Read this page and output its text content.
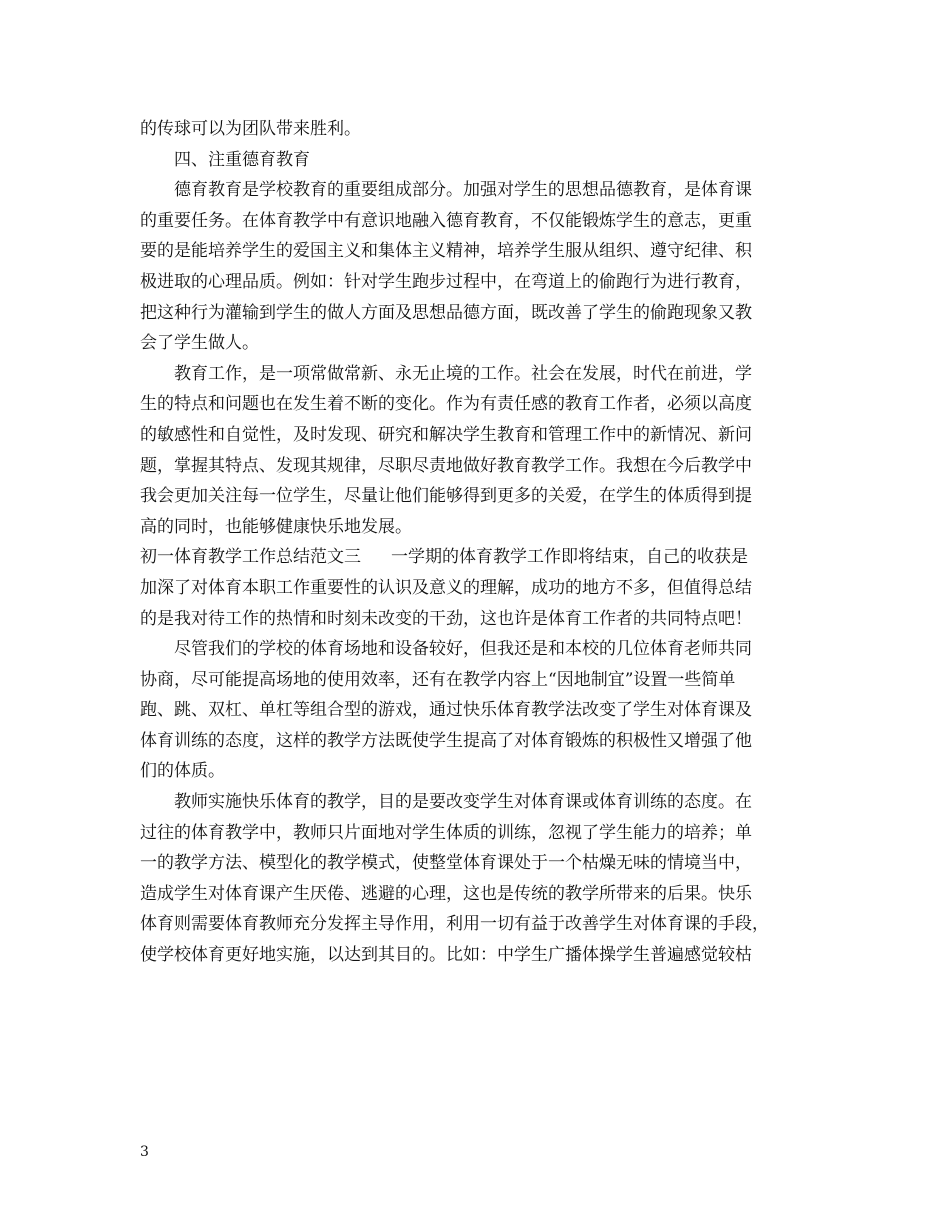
的传球可以为团队带来胜利。
四、注重德育教育
德育教育是学校教育的重要组成部分。加强对学生的思想品德教育，是体育课
的重要任务。在体育教学中有意识地融入德育教育，不仅能锻炼学生的意志，更重
要的是能培养学生的爱国主义和集体主义精神，培养学生服从组织、遵守纪律、积
极进取的心理品质。例如：针对学生跑步过程中，在弯道上的偷跑行为进行教育，
把这种行为灌输到学生的做人方面及思想品德方面，既改善了学生的偷跑现象又教
会了学生做人。
教育工作，是一项常做常新、永无止境的工作。社会在发展，时代在前进，学
生的特点和问题也在发生着不断的变化。作为有责任感的教育工作者，必须以高度
的敏感性和自觉性，及时发现、研究和解决学生教育和管理工作中的新情况、新问
题，掌握其特点、发现其规律，尽职尽责地做好教育教学工作。我想在今后教学中
我会更加关注每一位学生，尽量让他们能够得到更多的关爱，在学生的体质得到提
高的同时，也能够健康快乐地发展。
初一体育教学工作总结范文三 一学期的体育教学工作即将结束，自己的收获是
加深了对体育本职工作重要性的认识及意义的理解，成功的地方不多，但值得总结
的是我对待工作的热情和时刻未改变的干劲，这也许是体育工作者的共同特点吧！
尽管我们的学校的体育场地和设备较好，但我还是和本校的几位体育老师共同
协商，尽可能提高场地的使用效率，还有在教学内容上“因地制宜”设置一些简单
跑、跳、双杠、单杠等组合型的游戏，通过快乐体育教学法改变了学生对体育课及
体育训练的态度，这样的教学方法既使学生提高了对体育锻炼的积极性又增强了他
们的体质。
教师实施快乐体育的教学，目的是要改变学生对体育课或体育训练的态度。在
过往的体育教学中，教师只片面地对学生体质的训练，忽视了学生能力的培养；单
一的教学方法、模型化的教学模式，使整堂体育课处于一个枯燥无味的情境当中，
造成学生对体育课产生厌倦、逃避的心理，这也是传统的教学所带来的后果。快乐
体育则需要体育教师充分发挥主导作用，利用一切有益于改善学生对体育课的手段，
使学校体育更好地实施，以达到其目的。比如：中学生广播体操学生普遍感觉较枯
3
